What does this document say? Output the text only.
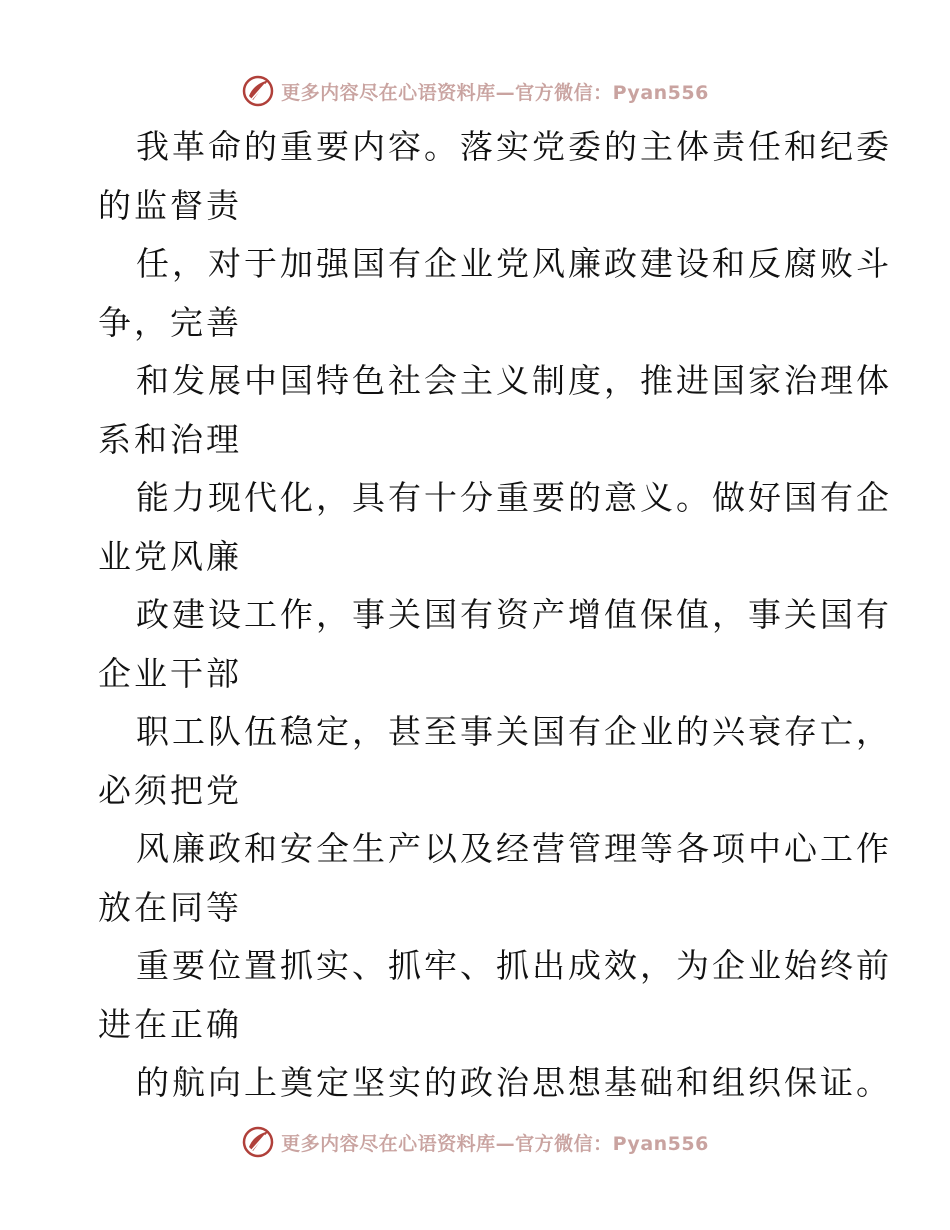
更多内容尽在心语资料库—官方微信：Pyan556
我革命的重要内容。落实党委的主体责任和纪委
的监督责
任，对于加强国有企业党风廉政建设和反腐败斗
争，完善
和发展中国特色社会主义制度，推进国家治理体
系和治理
能力现代化，具有十分重要的意义。做好国有企
业党风廉
政建设工作，事关国有资产增值保值，事关国有
企业干部
职工队伍稳定，甚至事关国有企业的兴衰存亡，
必须把党
风廉政和安全生产以及经营管理等各项中心工作
放在同等
重要位置抓实、抓牢、抓出成效，为企业始终前
进在正确
的航向上奠定坚实的政治思想基础和组织保证。
更多内容尽在心语资料库—官方微信：Pyan556
